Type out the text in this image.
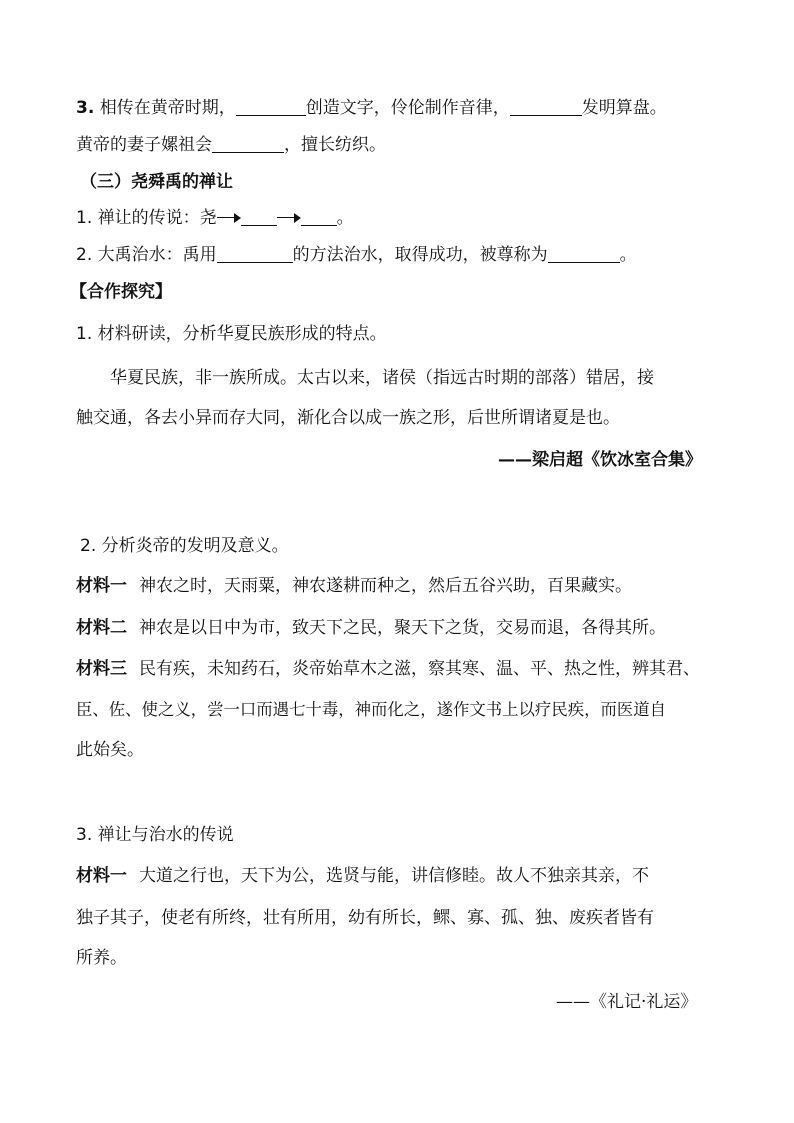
3. 相传在黄帝时期，	创造文字，伶伦制作音律，	发明算盘。
黄帝的妻子嫘祖会	，擅长纺织。
（三）尧舜禹的禅让
1. 禅让的传说：尧	。
2. 大禹治水：禹用	的方法治水，取得成功，被尊称为	。
【合作探究】
1. 材料研读，分析华夏民族形成的特点。
华夏民族，非一族所成。太古以来，诸侯（指远古时期的部落）错居，接
触交通，各去小异而存大同，渐化合以成一族之形，后世所谓诸夏是也。
——梁启超《饮冰室合集》
2. 分析炎帝的发明及意义。
材料一 神农之时，天雨粟，神农遂耕而种之，然后五谷兴助，百果藏实。
材料二 神农是以日中为市，致天下之民，聚天下之货，交易而退，各得其所。
材料三 民有疾，未知药石，炎帝始草木之滋，察其寒、温、平、热之性，辨其君、
臣、佐、使之义，尝一口而遇七十毒，神而化之，遂作文书上以疗民疾，而医道自
此始矣。
3. 禅让与治水的传说
材料一 大道之行也，天下为公，选贤与能，讲信修睦。故人不独亲其亲，不
独子其子，使老有所终，壮有所用，幼有所长，鳏、寡、孤、独、废疾者皆有
所养。
——《礼记·礼运》
